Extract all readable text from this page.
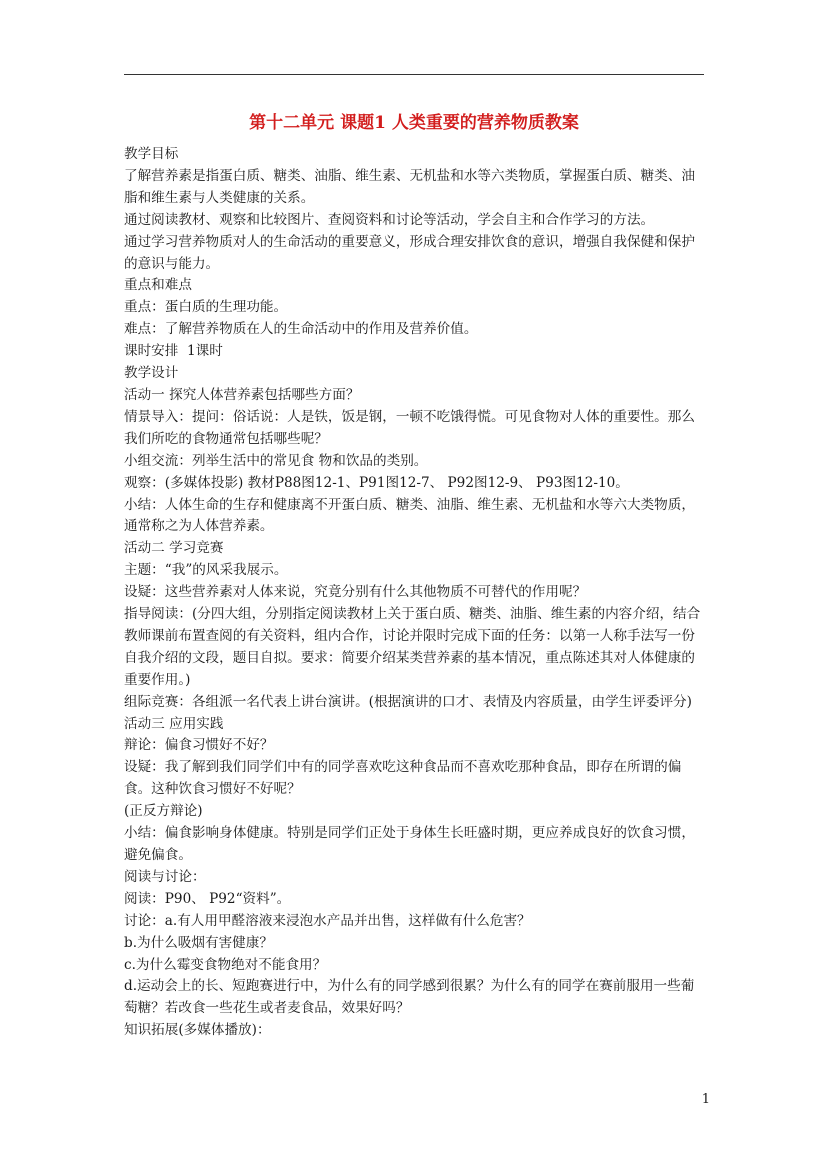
第十二单元 课题1 人类重要的营养物质教案

教学目标

了解营养素是指蛋白质、糖类、油脂、维生素、无机盐和水等六类物质，掌握蛋白质、糖类、油脂和维生素与人类健康的关系。

通过阅读教材、观察和比较图片、查阅资料和讨论等活动，学会自主和合作学习的方法。

通过学习营养物质对人的生命活动的重要意义，形成合理安排饮食的意识，增强自我保健和保护的意识与能力。

重点和难点

重点：蛋白质的生理功能。

难点：了解营养物质在人的生命活动中的作用及营养价值。

课时安排  1课时

教学设计

活动一 探究人体营养素包括哪些方面？

情景导入：提问：俗话说：人是铁，饭是钢，一顿不吃饿得慌。可见食物对人体的重要性。那么我们所吃的食物通常包括哪些呢？

小组交流：列举生活中的常见食 物和饮品的类别。

观察：(多媒体投影) 教材P88图12-1、P91图12-7、 P92图12-9、 P93图12-10。

小结：人体生命的生存和健康离不开蛋白质、糖类、油脂、维生素、无机盐和水等六大类物质，通常称之为人体营养素。

活动二 学习竞赛

主题：“我”的风采我展示。

设疑：这些营养素对人体来说，究竟分别有什么其他物质不可替代的作用呢？

指导阅读：(分四大组，分别指定阅读教材上关于蛋白质、糖类、油脂、维生素的内容介绍，结合教师课前布置查阅的有关资料，组内合作，讨论并限时完成下面的任务：以第一人称手法写一份自我介绍的文段，题目自拟。要求：简要介绍某类营养素的基本情况，重点陈述其对人体健康的重要作用。)

组际竞赛：各组派一名代表上讲台演讲。(根据演讲的口才、表情及内容质量，由学生评委评分)

活动三 应用实践

辩论：偏食习惯好不好？

设疑：我了解到我们同学们中有的同学喜欢吃这种食品而不喜欢吃那种食品，即存在所谓的偏食。这种饮食习惯好不好呢？

(正反方辩论)

小结：偏食影响身体健康。特别是同学们正处于身体生长旺盛时期，更应养成良好的饮食习惯，避免偏食。

阅读与讨论：

阅读：P90、 P92“资料”。

讨论：a.有人用甲醛溶液来浸泡水产品并出售，这样做有什么危害？

b.为什么吸烟有害健康？

c.为什么霉变食物绝对不能食用？

d.运动会上的长、短跑赛进行中，为什么有的同学感到很累？为什么有的同学在赛前服用一些葡萄糖？若改食一些花生或者麦食品，效果好吗？

知识拓展(多媒体播放)：

1
